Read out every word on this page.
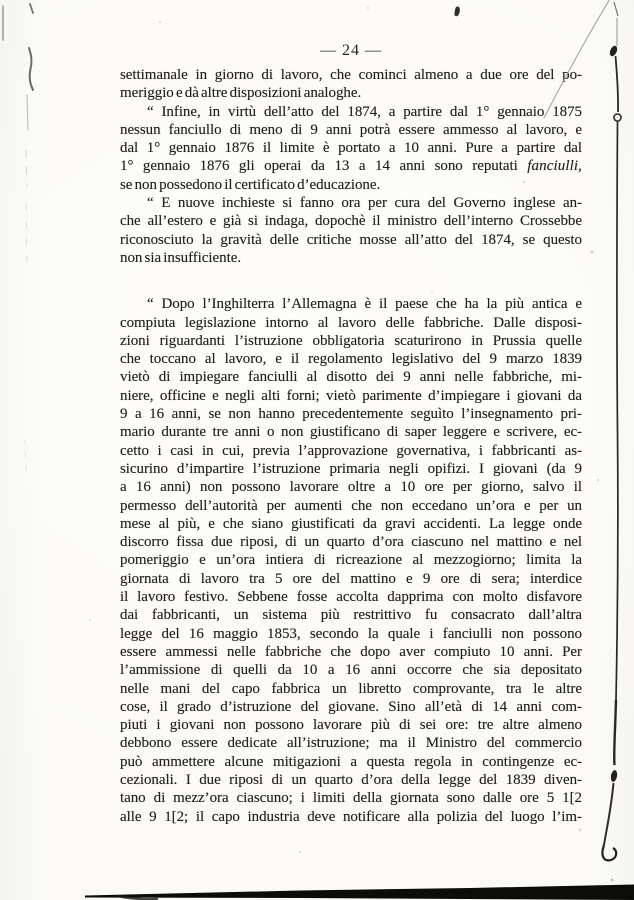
— 24 —
settimanale in giorno di lavoro, che cominci almeno a due ore del po-
meriggio e dà altre disposizioni analoghe.
“ Infine, in virtù dell’atto del 1874, a partire dal 1° gennaio 1875
nessun fanciullo di meno di 9 anni potrà essere ammesso al lavoro, e
dal 1° gennaio 1876 il limite è portato a 10 anni. Pure a partire dal
1° gennaio 1876 gli operai da 13 a 14 anni sono reputati fanciulli,
se non possedono il certificato d’educazione.
“ E nuove inchieste si fanno ora per cura del Governo inglese an-
che all’estero e già si indaga, dopochè il ministro dell’interno Crossebbe
riconosciuto la gravità delle critiche mosse all’atto del 1874, se questo
non sia insufficiente.
“ Dopo l’Inghilterra l’Allemagna è il paese che ha la più antica e
compiuta legislazione intorno al lavoro delle fabbriche. Dalle disposi-
zioni riguardanti l’istruzione obbligatoria scaturirono in Prussia quelle
che toccano al lavoro, e il regolamento legislativo del 9 marzo 1839
vietò di impiegare fanciulli al disotto dei 9 anni nelle fabbriche, mi-
niere, officine e negli alti forni; vietò parimente d’impiegare i giovani da
9 a 16 anni, se non hanno precedentemente seguìto l’insegnamento pri-
mario durante tre anni o non giustificano di saper leggere e scrivere, ec-
cetto i casi in cui, previa l’approvazione governativa, i fabbricanti as-
sicurino d’impartire l’istruzione primaria negli opifizi. I giovani (da 9
a 16 anni) non possono lavorare oltre a 10 ore per giorno, salvo il
permesso dell’autorità per aumenti che non eccedano un’ora e per un
mese al più, e che siano giustificati da gravi accidenti. La legge onde
discorro fissa due riposi, di un quarto d’ora ciascuno nel mattino e nel
pomeriggio e un’ora intiera di ricreazione al mezzogiorno; limita la
giornata di lavoro tra 5 ore del mattino e 9 ore di sera; interdice
il lavoro festivo. Sebbene fosse accolta dapprima con molto disfavore
dai fabbricanti, un sistema più restrittivo fu consacrato dall’altra
legge del 16 maggio 1853, secondo la quale i fanciulli non possono
essere ammessi nelle fabbriche che dopo aver compiuto 10 anni. Per
l’ammissione di quelli da 10 a 16 anni occorre che sia depositato
nelle mani del capo fabbrica un libretto comprovante, tra le altre
cose, il grado d’istruzione del giovane. Sino all’età di 14 anni com-
piuti i giovani non possono lavorare più di sei ore: tre altre almeno
debbono essere dedicate all’istruzione; ma il Ministro del commercio
può ammettere alcune mitigazioni a questa regola in contingenze ec-
cezionali. I due riposi di un quarto d’ora della legge del 1839 diven-
tano di mezz’ora ciascuno; i limiti della giornata sono dalle ore 5 1[2
alle 9 1[2; il capo industria deve notificare alla polizia del luogo l’im-
